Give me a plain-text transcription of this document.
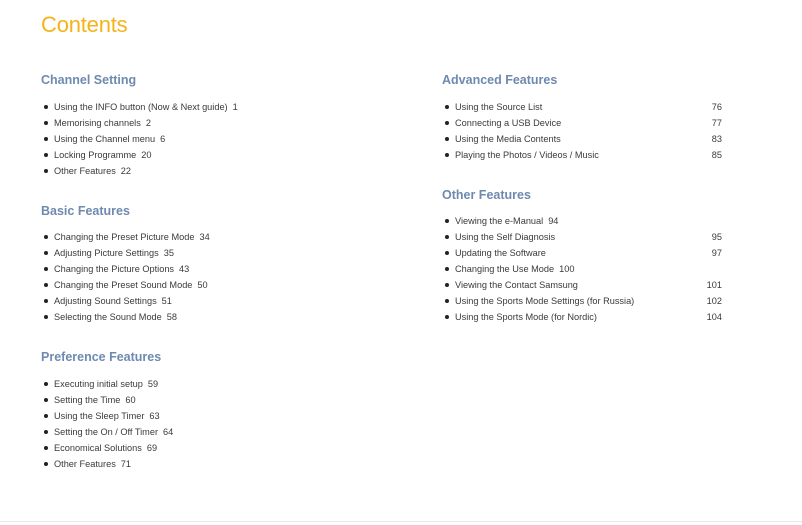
Contents
Channel Setting
Using the INFO button (Now & Next guide) 1
Memorising channels 2
Using the Channel menu 6
Locking Programme 20
Other Features 22
Basic Features
Changing the Preset Picture Mode 34
Adjusting Picture Settings 35
Changing the Picture Options 43
Changing the Preset Sound Mode 50
Adjusting Sound Settings 51
Selecting the Sound Mode 58
Preference Features
Executing initial setup 59
Setting the Time 60
Using the Sleep Timer 63
Setting the On / Off Timer 64
Economical Solutions 69
Other Features 71
Advanced Features
Using the Source List	76
Connecting a USB Device	77
Using the Media Contents	83
Playing the Photos / Videos / Music	85
Other Features
Viewing the e-Manual 94
Using the Self Diagnosis	95
Updating the Software	97
Changing the Use Mode 100
Viewing the Contact Samsung	101
Using the Sports Mode Settings (for Russia)	102
Using the Sports Mode (for Nordic)	104
